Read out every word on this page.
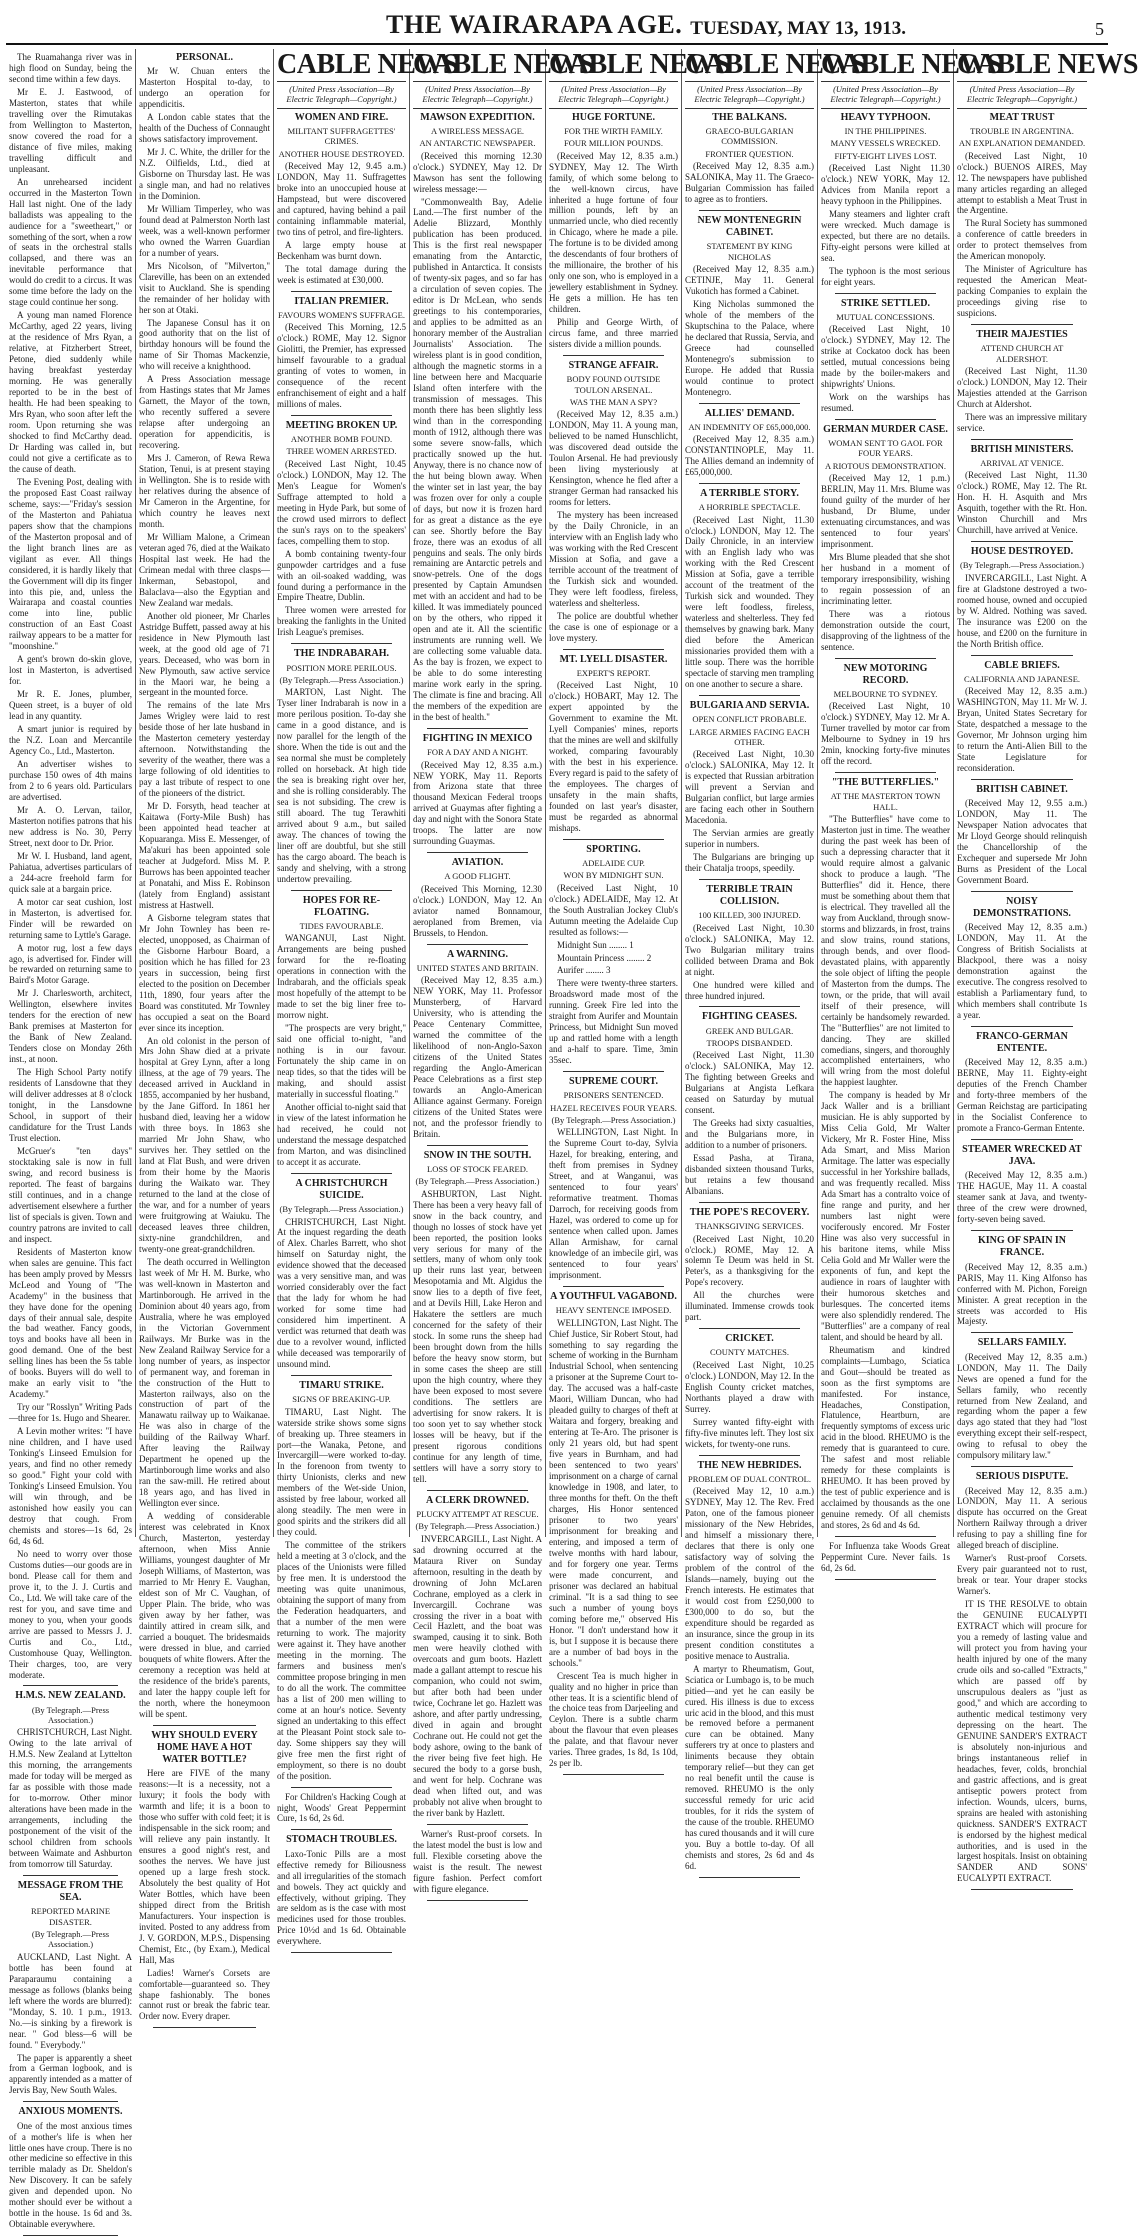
THE WAIRARAPA AGE. TUESDAY, MAY 13, 1913.	5

The Ruamahanga river was in high flood on Sunday, being the second time within a few days.

Mr E. J. Eastwood, of Masterton, states that while travelling over the Rimutakas from Wellington to Masterton, snow covered the road for a distance of five miles, making travelling difficult and unpleasant.

An unrehearsed incident occurred in the Masterton Town Hall last night. One of the lady balladists was appealing to the audience for a "sweetheart," or something of the sort, when a row of seats in the orchestral stalls collapsed, and there was an inevitable performance that would do credit to a circus. It was some time before the lady on the stage could continue her song.

A young man named Florence McCarthy, aged 22 years, living at the residence of Mrs Ryan, a relative, at Fitzherbert Street, Petone, died suddenly while having breakfast yesterday morning. He was generally reported to be in the best of health. He had been speaking to Mrs Ryan, who soon after left the room. Upon returning she was shocked to find McCarthy dead. Dr Harding was called in, but could not give a certificate as to the cause of death.

The Evening Post, dealing with the proposed East Coast railway scheme, says:—"Friday's session of the Masterton and Pahiatua papers show that the champions of the Masterton proposal and of the light branch lines are as vigilant as ever. All things considered, it is hardly likely that the Government will dip its finger into this pie, and, unless the Wairarapa and coastal counties come into line, public construction of an East Coast railway appears to be a matter for "moonshine."

A gent's brown do-skin glove, lost in Masterton, is advertised for.

Mr R. E. Jones, plumber, Queen street, is a buyer of old lead in any quantity.

A smart junior is required by the N.Z. Loan and Mercantile Agency Co., Ltd., Masterton.

An advertiser wishes to purchase 150 owes of 4th mains from 2 to 6 years old. Particulars are advertised.

Mr A. O. Lervan, tailor, Masterton notifies patrons that his new address is No. 30, Perry Street, next door to Dr. Prior.

Mr W. I. Husband, land agent, Pahiatua, advertises particulars of a 244-acre freehold farm for quick sale at a bargain price.

A motor car seat cushion, lost in Masterton, is advertised for. Finder will be rewarded on returning same to Lyttle's Garage.

A motor rug, lost a few days ago, is advertised for. Finder will be rewarded on returning same to Baird's Motor Garage.

Mr J. Charlesworth, architect, Wellington, elsewhere invites tenders for the erection of new Bank premises at Masterton for the Bank of New Zealand. Tenders close on Monday 26th inst., at noon.

The High School Party notify residents of Lansdowne that they will deliver addresses at 8 o'clock tonight, in the Lansdowne School, in support of their candidature for the Trust Lands Trust election.

McGruer's "ten days" stocktaking sale is now in full swing, and record business is reported. The feast of bargains still continues, and in a change advertisement elsewhere a further list of specials is given. Town and country patrons are invited to call and inspect.

Residents of Masterton know when sales are genuine. This fact has been amply proved by Messrs McLeod and Young of "The Academy" in the business that they have done for the opening days of their annual sale, despite the bad weather. Fancy goods, toys and books have all been in good demand. One of the best selling lines has been the 5s table of books. Buyers will do well to make an early visit to "the Academy."

Try our "Rosslyn" Writing Pads—three for 1s. Hugo and Shearer.

A Levin mother writes: "I have nine children, and I have used Tonking's Linseed Emulsion for years, and find no other remedy so good." Fight your cold with Tonking's Linseed Emulsion. You will win through, and be astonished how easily you can destroy that cough. From chemists and stores—1s 6d, 2s 6d, 4s 6d.

No need to worry over those Customs duties—our goods are in bond. Please call for them and prove it, to the J. J. Curtis and Co., Ltd. We will take care of the rest for you, and save time and money to you, when your goods arrive are passed to Messrs J. J. Curtis and Co., Ltd., Customhouse Quay, Wellington. Their charges, too, are very moderate.

H.M.S. NEW ZEALAND.
(By Telegraph.—Press Association.)

CHRISTCHURCH, Last Night. Owing to the late arrival of H.M.S. New Zealand at Lyttelton this morning, the arrangements made for today will be merged as far as possible with those made for to-morrow. Other minor alterations have been made in the arrangements, including the postponement of the visit of the school children from schools between Waimate and Ashburton from tomorrow till Saturday.

MESSAGE FROM THE SEA.
REPORTED MARINE DISASTER.
(By Telegraph.—Press Association.)

AUCKLAND, Last Night. A bottle has been found at Paraparaumu containing a message as follows (blanks being left where the words are blurred): "Monday, S. 10. 1 p.m., 1913. No.—is sinking by a firework is near. " God bless—6 will be found. " Everybody."

The paper is apparently a sheet from a German logbook, and is apparently intended as a matter of Jervis Bay, New South Wales.

ANXIOUS MOMENTS.

One of the most anxious times of a mother's life is when her little ones have croup. There is no other medicine so effective in this terrible malady as Dr. Sheldon's New Discovery. It can be safely given and depended upon. No mother should ever be without a bottle in the house. 1s 6d and 3s. Obtainable everywhere.

PERSONAL.

Mr W. Chuan enters the Masterton Hospital to-day, to undergo an operation for appendicitis.

A London cable states that the health of the Duchess of Connaught shows satisfactory improvement.

Mr J. C. White, the driller for the N.Z. Oilfields, Ltd., died at Gisborne on Thursday last. He was a single man, and had no relatives in the Dominion.

Mr William Timperley, who was found dead at Palmerston North last week, was a well-known performer who owned the Warren Guardian for a number of years.

Mrs Nicolson, of "Milverton," Clareville, has been on an extended visit to Auckland. She is spending the remainder of her holiday with her son at Otaki.

The Japanese Consul has it on good authority that on the list of birthday honours will be found the name of Sir Thomas Mackenzie, who will receive a knighthood.

A Press Association message from Hastings states that Mr James Garnett, the Mayor of the town, who recently suffered a severe relapse after undergoing an operation for appendicitis, is recovering.

Mrs J. Cameron, of Rewa Rewa Station, Tenui, is at present staying in Wellington. She is to reside with her relatives during the absence of Mr Cameron in the Argentine, for which country he leaves next month.

Mr William Malone, a Crimean veteran aged 76, died at the Waikato Hospital last week. He had the Crimean medal with three clasps—Inkerman, Sebastopol, and Balaclava—also the Egyptian and New Zealand war medals.

Another old pioneer, Mr Charles Astridge Buffett, passed away at his residence in New Plymouth last week, at the good old age of 71 years. Deceased, who was born in New Plymouth, saw active service in the Maori war, he being a sergeant in the mounted force.

The remains of the late Mrs James Wrigley were laid to rest beside those of her late husband in the Masterton cemetery yesterday afternoon. Notwithstanding the severity of the weather, there was a large following of old identities to pay a last tribute of respect to one of the pioneers of the district.

Mr D. Forsyth, head teacher at Kaitawa (Forty-Mile Bush) has been appointed head teacher at Kopuaranga. Miss E. Messenger, of Ma'akuri has been appointed sole teacher at Judgeford. Miss M. P. Burrows has been appointed teacher at Ponatahi, and Miss E. Robinson (lately from England) assistant mistress at Hastwell.

A Gisborne telegram states that Mr John Townley has been re-elected, unopposed, as Chairman of the Gisborne Harbour Board, a position which he has filled for 23 years in succession, being first elected to the position on December 11th, 1890, four years after the Board was constituted. Mr Townley has occupied a seat on the Board ever since its inception.

An old colonist in the person of Mrs John Shaw died at a private hospital at Grey Lynn, after a long illness, at the age of 79 years. The deceased arrived in Auckland in 1855, accompanied by her husband, by the Jane Gifford. In 1861 her husband died, leaving her a widow with three boys. In 1863 she married Mr John Shaw, who survives her. They settled on the land at Flat Bush, and were driven from their home by the Maoris during the Waikato war. They returned to the land at the close of the war, and for a number of years were fruitgrowing at Waiuku. The deceased leaves three children, sixty-nine grandchildren, and twenty-one great-grandchildren.

The death occurred in Wellington last week of Mr H. M. Burke, who was well-known in Masterton and Martinborough. He arrived in the Dominion about 40 years ago, from Australia, where he was employed in the Victorian Government Railways. Mr Burke was in the New Zealand Railway Service for a long number of years, as inspector of permanent way, and foreman in the construction of the Hutt to Masterton railways, also on the construction of part of the Manawatu railway up to Waikanae. He was also in charge of the building of the Railway Wharf. After leaving the Railway Department he opened up the Martinborough lime works and also ran the saw-mill. He retired about 18 years ago, and has lived in Wellington ever since.

A wedding of considerable interest was celebrated in Knox Church, Masterton, yesterday afternoon, when Miss Annie Williams, youngest daughter of Mr Joseph Williams, of Masterton, was married to Mr Henry E. Vaughan, eldest son of Mr C. Vaughan, of Upper Plain. The bride, who was given away by her father, was daintily attired in cream silk, and carried a bouquet. The bridesmaids were dressed in blue, and carried bouquets of white flowers. After the ceremony a reception was held at the residence of the bride's parents, and later the happy couple left for the north, where the honeymoon will be spent.

WHY SHOULD EVERY HOME HAVE A HOT WATER BOTTLE?

Here are FIVE of the many reasons:—It is a necessity, not a luxury; it fools the body with warmth and life; it is a boon to those who suffer with cold feet; it is indispensable in the sick room; and will relieve any pain instantly. It ensures a good night's rest, and soothes the nerves. We have just opened up a large fresh stock. Absolutely the best quality of Hot Water Bottles, which have been shipped direct from the British Manufacturers. Your inspection is invited. Posted to any address from J. V. GORDON, M.P.S., Dispensing Chemist, Etc., (by Exam.), Medical Hall, Mas

Ladies! Warner's Corsets are comfortable—guaranteed so. They shape fashionably. The bones cannot rust or break the fabric tear. Order now. Every draper.

CABLE NEWS
(United Press Association—By Electric Telegraph—Copyright.)
WOMEN AND FIRE.
MILITANT SUFFRAGETTES' CRIMES.
ANOTHER HOUSE DESTROYED.

(Received May 12, 9.45 a.m.) LONDON, May 11. Suffragettes broke into an unoccupied house at Hampstead, but were discovered and captured, having behind a pail containing inflammable material, two tins of petrol, and fire-lighters.

A large empty house at Beckenham was burnt down.

The total damage during the week is estimated at £30,000.

ITALIAN PREMIER.
FAVOURS WOMEN'S SUFFRAGE.

(Received This Morning, 12.5 o'clock.) ROME, May 12. Signor Giolitti, the Premier, has expressed himself favourable to a gradual granting of votes to women, in consequence of the recent enfranchisement of eight and a half millions of males.

MEETING BROKEN UP.
ANOTHER BOMB FOUND.
THREE WOMEN ARRESTED.

(Received Last Night, 10.45 o'clock.) LONDON, May 12. The Men's League for Women's Suffrage attempted to hold a meeting in Hyde Park, but some of the crowd used mirrors to deflect the sun's rays on to the speakers' faces, compelling them to stop.

A bomb containing twenty-four gunpowder cartridges and a fuse with an oil-soaked wadding, was found during a performance in the Empire Theatre, Dublin.

Three women were arrested for breaking the fanlights in the United Irish League's premises.

THE INDRABARAH.
POSITION MORE PERILOUS.
(By Telegraph.—Press Association.)

MARTON, Last Night. The Tyser liner Indrabarah is now in a more perilous position. To-day she came in a good distance, and is now parallel for the length of the shore. When the tide is out and the sea normal she must be completely rolled on horseback. At high tide the sea is breaking right over her, and she is rolling considerably. The sea is not subsiding. The crew is still aboard. The tug Terawhiti arrived about 9 a.m., but sailed away. The chances of towing the liner off are doubtful, but she still has the cargo aboard. The beach is sandy and shelving, with a strong undertow prevailing.

HOPES FOR RE-FLOATING.
TIDES FAVOURABLE.

WANGANUI, Last Night. Arrangements are being pushed forward for the re-floating operations in connection with the Indrabarah, and the officials speak most hopefully of the attempt to be made to set the big liner free to-morrow night.

"The prospects are very bright," said one official to-night, "and nothing is in our favour. Fortunately the ship came in on neap tides, so that the tides will be making, and should assist materially in successful floating."

Another official to-night said that in view of the latest information he had received, he could not understand the message despatched from Marton, and was disinclined to accept it as accurate.

A CHRISTCHURCH SUICIDE.
(By Telegraph.—Press Association.)

CHRISTCHURCH, Last Night. At the inquest regarding the death of Alex. Charles Barrett, who shot himself on Saturday night, the evidence showed that the deceased was a very sensitive man, and was worried considerably over the fact that the lady for whom he had worked for some time had considered him impertinent. A verdict was returned that death was due to a revolver wound, inflicted while deceased was temporarily of unsound mind.

TIMARU STRIKE.
SIGNS OF BREAKING-UP.

TIMARU, Last Night. The waterside strike shows some signs of breaking up. Three steamers in port—the Wanaka, Petone, and Invercargill—were worked to-day. In the forenoon from twenty to thirty Unionists, clerks and new members of the Wet-side Union, assisted by free labour, worked all along steadily. The men were in good spirits and the strikers did all they could.

The committee of the strikers held a meeting at 3 o'clock, and the places of the Unionists were filled by free men. It is understood the meeting was quite unanimous, obtaining the support of many from the Federation headquarters, and that a number of the men were returning to work. The majority were against it. They have another meeting in the morning. The farmers and business men's committee propose bringing in men to do all the work. The committee has a list of 200 men willing to come at an hour's notice. Seventy signed an undertaking to this effect at the Pleasant Point stock sale to-day. Some shippers say they will give free men the first right of employment, so there is no doubt of the position.

For Children's Hacking Cough at night, Woods' Great Peppermint Cure, 1s 6d, 2s 6d.

STOMACH TROUBLES.

Laxo-Tonic Pills are a most effective remedy for Biliousness and all irregularities of the stomach and bowels. They act quickly and effectively, without griping. They are seldom as is the case with most medicines used for those troubles. Price 10½d and 1s 6d. Obtainable everywhere.

CABLE NEWS
(United Press Association—By Electric Telegraph—Copyright.)
MAWSON EXPEDITION.
A WIRELESS MESSAGE.
AN ANTARCTIC NEWSPAPER.

(Received this morning 12.30 o'clock.) SYDNEY, May 12. Dr Mawson has sent the following wireless message:—

"Commonwealth Bay, Adelie Land.—The first number of the Adelie Blizzard, Monthly publication has been produced. This is the first real newspaper emanating from the Antarctic, published in Antarctica. It consists of twenty-six pages, and so far has a circulation of seven copies. The editor is Dr McLean, who sends greetings to his contemporaries, and applies to be admitted as an honorary member of the Australian Journalists' Association. The wireless plant is in good condition, although the magnetic storms in a line between here and Macquarie Island often interfere with the transmission of messages. This month there has been slightly less wind than in the corresponding month of 1912, although there was some severe snow-falls, which practically snowed up the hut. Anyway, there is no chance now of the hut being blown away. When the winter set in last year, the bay was frozen over for only a couple of days, but now it is frozen hard for as great a distance as the eye can see. Shortly before the Bay froze, there was an exodus of all penguins and seals. The only birds remaining are Antarctic petrels and snow-petrels. One of the dogs presented by Captain Amundsen met with an accident and had to be killed. It was immediately pounced on by the others, who ripped it open and ate it. All the scientific instruments are running well. We are collecting some valuable data. As the bay is frozen, we expect to be able to do some interesting marine work early in the spring. The climate is fine and bracing. All the members of the expedition are in the best of health."

FIGHTING IN MEXICO
FOR A DAY AND A NIGHT.

(Received May 12, 8.35 a.m.) NEW YORK, May 11. Reports from Arizona state that three thousand Mexican Federal troops arrived at Guaymas after fighting a day and night with the Sonora State troops. The latter are now surrounding Guaymas.

AVIATION.
A GOOD FLIGHT.

(Received This Morning, 12.30 o'clock.) LONDON, May 12. An aviator named Bonnamour, aeroplaned from Bremen, via Brussels, to Hendon.

A WARNING.
UNITED STATES AND BRITAIN.

(Received May 12, 8.35 a.m.) NEW YORK, May 11. Professor Munsterberg, of Harvard University, who is attending the Peace Centenary Committee, warned the committee of the likelihood of non-Anglo-Saxon citizens of the United States regarding the Anglo-American Peace Celebrations as a first step towards an Anglo-American Alliance against Germany. Foreign citizens of the United States were not, and the professor friendly to Britain.

SNOW IN THE SOUTH.
LOSS OF STOCK FEARED.
(By Telegraph.—Press Association.)

ASHBURTON, Last Night. There has been a very heavy fall of snow in the back country, and though no losses of stock have yet been reported, the position looks very serious for many of the settlers, many of whom only took up their runs last year, between Mesopotamia and Mt. Algidus the snow lies to a depth of five feet, and at Devils Hill, Lake Heron and Hakatere the settlers are much concerned for the safety of their stock. In some runs the sheep had been brought down from the hills before the heavy snow storm, but in some cases the sheep are still upon the high country, where they have been exposed to most severe conditions. The settlers are advertising for snow rakers. It is too soon yet to say whether stock losses will be heavy, but if the present rigorous conditions continue for any length of time, settlers will have a sorry story to tell.

A CLERK DROWNED.
PLUCKY ATTEMPT AT RESCUE.
(By Telegraph.—Press Association.)

INVERCARGILL, Last Night. A sad drowning occurred at the Mataura River on Sunday afternoon, resulting in the death by drowning of John McLaren Cochrane, employed as a clerk in Invercargill. Cochrane was crossing the river in a boat with Cecil Hazlett, and the boat was swamped, causing it to sink. Both men were heavily clothed with overcoats and gum boots. Hazlett made a gallant attempt to rescue his companion, who could not swim, but after both had been under twice, Cochrane let go. Hazlett was ashore, and after partly undressing, dived in again and brought Cochrane out. He could not get the body ashore, owing to the bank of the river being five feet high. He secured the body to a gorse bush, and went for help. Cochrane was dead when lifted out, and was probably not alive when brought to the river bank by Hazlett.

Warner's Rust-proof corsets. In the latest model the bust is low and full. Flexible corseting above the waist is the result. The newest figure fashion. Perfect comfort with figure elegance.

CABLE NEWS
(United Press Association—By Electric Telegraph—Copyright.)
HUGE FORTUNE.
FOR THE WIRTH FAMILY.
FOUR MILLION POUNDS.

(Received May 12, 8.35 a.m.) SYDNEY, May 12. The Wirth family, of which some belong to the well-known circus, have inherited a huge fortune of four million pounds, left by an unmarried uncle, who died recently in Chicago, where he made a pile. The fortune is to be divided among the descendants of four brothers of the millionaire, the brother of his only one son, who is employed in a jewellery establishment in Sydney. He gets a million. He has ten children.

Philip and George Wirth, of circus fame, and three married sisters divide a million pounds.

STRANGE AFFAIR.
BODY FOUND OUTSIDE TOULON ARSENAL.
WAS THE MAN A SPY?

(Received May 12, 8.35 a.m.) LONDON, May 11. A young man, believed to be named Hunschlicht, was discovered dead outside the Toulon Arsenal. He had previously been living mysteriously at Kensington, whence he fled after a stranger German had ransacked his rooms for letters.

The mystery has been increased by the Daily Chronicle, in an interview with an English lady who was working with the Red Crescent Mission at Sofia, and gave a terrible account of the treatment of the Turkish sick and wounded. They were left foodless, fireless, waterless and shelterless.

The police are doubtful whether the case is one of espionage or a love mystery.

MT. LYELL DISASTER.
EXPERT'S REPORT.

(Received Last Night, 10 o'clock.) HOBART, May 12. The expert appointed by the Government to examine the Mt. Lyell Companies' mines, reports that the mines are well and skilfully worked, comparing favourably with the best in his experience. Every regard is paid to the safety of the employees. The charges of unsafety in the main shafts, founded on last year's disaster, must be regarded as abnormal mishaps.

SPORTING.
ADELAIDE CUP.
WON BY MIDNIGHT SUN.

(Received Last Night, 10 o'clock.) ADELAIDE, May 12. At the South Australian Jockey Club's Autumn meeting the Adelaide Cup resulted as follows:—

Midnight Sun ........ 1

Mountain Princess ........ 2

Aurifer ........ 3

There were twenty-three starters. Broadsword made most of the running. Greek Fire led into the straight from Aurifer and Mountain Princess, but Midnight Sun moved up and rattled home with a length and a-half to spare. Time, 3min 35sec.

SUPREME COURT.
PRISONERS SENTENCED.
HAZEL RECEIVES FOUR YEARS.
(By Telegraph.—Press Association.)

WELLINGTON, Last Night. In the Supreme Court to-day, Sylvia Hazel, for breaking, entering, and theft from premises in Sydney Street, and at Wanganui, was sentenced to four years' reformative treatment. Thomas Darroch, for receiving goods from Hazel, was ordered to come up for sentence when called upon. James Allan Armishaw, for carnal knowledge of an imbecile girl, was sentenced to four years' imprisonment.

A YOUTHFUL VAGABOND.
HEAVY SENTENCE IMPOSED.

WELLINGTON, Last Night. The Chief Justice, Sir Robert Stout, had something to say regarding the scheme of working in the Burnham Industrial School, when sentencing a prisoner at the Supreme Court to-day. The accused was a half-caste Maori, William Duncan, who had pleaded guilty to charges of theft at Waitara and forgery, breaking and entering at Te-Aro. The prisoner is only 21 years old, but had spent five years in Burnham, and had been sentenced to two years' imprisonment on a charge of carnal knowledge in 1908, and later, to three months for theft. On the theft charges, His Honor sentenced prisoner to two years' imprisonment for breaking and entering, and imposed a term of twelve months with hard labour, and for forgery one year. Terms were made concurrent, and prisoner was declared an habitual criminal. "It is a sad thing to see such a number of young boys coming before me," observed His Honor. "I don't understand how it is, but I suppose it is because there are a number of bad boys in the schools."

Crescent Tea is much higher in quality and no higher in price than other teas. It is a scientific blend of the choice teas from Darjeeling and Ceylon. There is a subtle charm about the flavour that even pleases the palate, and that flavour never varies. Three grades, 1s 8d, 1s 10d, 2s per lb.

CABLE NEWS
(United Press Association—By Electric Telegraph—Copyright.)
THE BALKANS.
GRAECO-BULGARIAN COMMISSION.
FRONTIER QUESTION.

(Received May 12, 8.35 a.m.) SALONIKA, May 11. The Graeco-Bulgarian Commission has failed to agree as to frontiers.

NEW MONTENEGRIN CABINET.
STATEMENT BY KING NICHOLAS

(Received May 12, 8.35 a.m.) CETINJE, May 11. General Vukotich has formed a Cabinet.

King Nicholas summoned the whole of the members of the Skuptschina to the Palace, where he declared that Russia, Servia, and Greece had counselled Montenegro's submission to Europe. He added that Russia would continue to protect Montenegro.

ALLIES' DEMAND.
AN INDEMNITY OF £65,000,000.

(Received May 12, 8.35 a.m.) CONSTANTINOPLE, May 11. The Allies demand an indemnity of £65,000,000.

A TERRIBLE STORY.
A HORRIBLE SPECTACLE.

(Received Last Night, 11.30 o'clock.) LONDON, May 12. The Daily Chronicle, in an interview with an English lady who was working with the Red Crescent Mission at Sofia, gave a terrible account of the treatment of the Turkish sick and wounded. They were left foodless, fireless, waterless and shelterless. They fed themselves by gnawing bark. Many died before the American missionaries provided them with a little soup. There was the horrible spectacle of starving men trampling on one another to secure a share.

BULGARIA AND SERVIA.
OPEN CONFLICT PROBABLE.
LARGE ARMIES FACING EACH OTHER.

(Received Last Night, 10.30 o'clock.) SALONIKA, May 12. It is expected that Russian arbitration will prevent a Servian and Bulgarian conflict, but large armies are facing each other in Southern Macedonia.

The Servian armies are greatly superior in numbers.

The Bulgarians are bringing up their Chatalja troops, speedily.

TERRIBLE TRAIN COLLISION.
100 KILLED, 300 INJURED.

(Received Last Night, 10.30 o'clock.) SALONIKA, May 12. Two Bulgarian military trains collided between Drama and Bok at night.

One hundred were killed and three hundred injured.

FIGHTING CEASES.
GREEK AND BULGAR.
TROOPS DISBANDED.

(Received Last Night, 11.30 o'clock.) SALONIKA, May 12. The fighting between Greeks and Bulgarians at Angista Lefkara ceased on Saturday by mutual consent.

The Greeks had sixty casualties, and the Bulgarians more, in addition to a number of prisoners.

Essad Pasha, at Tirana, disbanded sixteen thousand Turks, but retains a few thousand Albanians.

THE POPE'S RECOVERY.
THANKSGIVING SERVICES.

(Received Last Night, 10.20 o'clock.) ROME, May 12. A solemn Te Deum was held in St. Peter's, as a thanksgiving for the Pope's recovery.

All the churches were illuminated. Immense crowds took part.

CRICKET.
COUNTY MATCHES.

(Received Last Night, 10.25 o'clock.) LONDON, May 12. In the English County cricket matches, Northants played a draw with Surrey.

Surrey wanted fifty-eight with fifty-five minutes left. They lost six wickets, for twenty-one runs.

THE NEW HEBRIDES.
PROBLEM OF DUAL CONTROL.

(Received May 12, 10 a.m.) SYDNEY, May 12. The Rev. Fred Paton, one of the famous pioneer missionary of the New Hebrides, and himself a missionary there, declares that there is only one satisfactory way of solving the problem of the control of the Islands—namely, buying out the French interests. He estimates that it would cost from £250,000 to £300,000 to do so, but the expenditure should be regarded as an insurance, since the group in its present condition constitutes a positive menace to Australia.

A martyr to Rheumatism, Gout, Sciatica or Lumbago is, to be much pitied—and yet he can easily be cured. His illness is due to excess uric acid in the blood, and this must be removed before a permanent cure can be obtained. Many sufferers try at once to plasters and liniments because they obtain temporary relief—but they can get no real benefit until the cause is removed. RHEUMO is the only successful remedy for uric acid troubles, for it rids the system of the cause of the trouble. RHEUMO has cured thousands and it will cure you. Buy a bottle to-day. Of all chemists and stores, 2s 6d and 4s 6d.

CABLE NEWS
(United Press Association—By Electric Telegraph—Copyright.)
HEAVY TYPHOON.
IN THE PHILIPPINES.
MANY VESSELS WRECKED.
FIFTY-EIGHT LIVES LOST.

(Received Last Night 11.30 o'clock.) NEW YORK, May 12. Advices from Manila report a heavy typhoon in the Philippines.

Many steamers and lighter craft were wrecked. Much damage is expected, but there are no details. Fifty-eight persons were killed at sea.

The typhoon is the most serious for eight years.

STRIKE SETTLED.
MUTUAL CONCESSIONS.

(Received Last Night, 10 o'clock.) SYDNEY, May 12. The strike at Cockatoo dock has been settled, mutual concessions being made by the boiler-makers and shipwrights' Unions.

Work on the warships has resumed.

GERMAN MURDER CASE.
WOMAN SENT TO GAOL FOR FOUR YEARS.
A RIOTOUS DEMONSTRATION.

(Received May 12, 1 p.m.) BERLIN, May 11. Mrs. Blume was found guilty of the murder of her husband, Dr Blume, under extenuating circumstances, and was sentenced to four years' imprisonment.

Mrs Blume pleaded that she shot her husband in a moment of temporary irresponsibility, wishing to regain possession of an incriminating letter.

There was a riotous demonstration outside the court, disapproving of the lightness of the sentence.

NEW MOTORING RECORD.
MELBOURNE TO SYDNEY.

(Received Last Night, 10 o'clock.) SYDNEY, May 12. Mr A. Turner travelled by motor car from Melbourne to Sydney in 19 hrs 2min, knocking forty-five minutes off the record.

"THE BUTTERFLIES."
AT THE MASTERTON TOWN HALL.

"The Butterflies" have come to Masterton just in time. The weather during the past week has been of such a depressing character that it would require almost a galvanic shock to produce a laugh. "The Butterflies" did it. Hence, there must be something about them that is electrical. They travelled all the way from Auckland, through snow-storms and blizzards, in frost, trains and slow trains, round stations, through bends, and over flood-devastated plains, with apparently the sole object of lifting the people of Masterton from the dumps. The town, or the pride, that will avail itself of their presence, will certainly be handsomely rewarded. The "Butterflies" are not limited to dancing. They are skilled comedians, singers, and thoroughly accomplished entertainers, who will wring from the most doleful the happiest laughter.

The company is headed by Mr Jack Waller and is a brilliant musician. He is ably supported by Miss Celia Gold, Mr Walter Vickery, Mr R. Foster Hine, Miss Ada Smart, and Miss Marion Armitage. The latter was especially successful in her Yorkshire ballads, and was frequently recalled. Miss Ada Smart has a contralto voice of fine range and purity, and her numbers last night were vociferously encored. Mr Foster Hine was also very successful in his baritone items, while Miss Celia Gold and Mr Waller were the exponents of fun, and kept the audience in roars of laughter with their humorous sketches and burlesques. The concerted items were also splendidly rendered. The "Butterflies" are a company of real talent, and should be heard by all.

Rheumatism and kindred complaints—Lumbago, Sciatica and Gout—should be treated as soon as the first symptoms are manifested. For instance, Headaches, Constipation, Flatulence, Heartburn, are frequently symptoms of excess uric acid in the blood. RHEUMO is the remedy that is guaranteed to cure. The safest and most reliable remedy for these complaints is RHEUMO. It has been proved by the test of public experience and is acclaimed by thousands as the one genuine remedy. Of all chemists and stores, 2s 6d and 4s 6d.

For Influenza take Woods Great Peppermint Cure. Never fails. 1s 6d, 2s 6d.

CABLE NEWS
(United Press Association—By Electric Telegraph—Copyright.)
MEAT TRUST
TROUBLE IN ARGENTINA.
AN EXPLANATION DEMANDED.

(Received Last Night, 10 o'clock.) BUENOS AIRES, May 12. The newspapers have published many articles regarding an alleged attempt to establish a Meat Trust in the Argentine.

The Rural Society has summoned a conference of cattle breeders in order to protect themselves from the American monopoly.

The Minister of Agriculture has requested the American Meat-packing Companies to explain the proceedings giving rise to suspicions.

THEIR MAJESTIES
ATTEND CHURCH AT ALDERSHOT.

(Received Last Night, 11.30 o'clock.) LONDON, May 12. Their Majesties attended at the Garrison Church at Aldershot.

There was an impressive military service.

BRITISH MINISTERS.
ARRIVAL AT VENICE.

(Received Last Night, 11.30 o'clock.) ROME, May 12. The Rt. Hon. H. H. Asquith and Mrs Asquith, together with the Rt. Hon. Winston Churchill and Mrs Churchill, have arrived at Venice.

HOUSE DESTROYED.
(By Telegraph.—Press Association.)

INVERCARGILL, Last Night. A fire at Gladstone destroyed a two-roomed house, owned and occupied by W. Aldred. Nothing was saved. The insurance was £200 on the house, and £200 on the furniture in the North British office.

CABLE BRIEFS.
CALIFORNIA AND JAPANESE.

(Received May 12, 8.35 a.m.) WASHINGTON, May 11. Mr W. J. Bryan, United States Secretary for State, despatched a message to the Governor, Mr Johnson urging him to return the Anti-Alien Bill to the State Legislature for reconsideration.

BRITISH CABINET.

(Received May 12, 9.55 a.m.) LONDON, May 11. The Newspaper Nation advocates that Mr Lloyd George should relinquish the Chancellorship of the Exchequer and supersede Mr John Burns as President of the Local Government Board.

NOISY DEMONSTRATIONS.

(Received May 12, 8.35 a.m.) LONDON, May 11. At the Congress of British Socialists at Blackpool, there was a noisy demonstration against the executive. The congress resolved to establish a Parliamentary fund, to which members shall contribute 1s a year.

FRANCO-GERMAN ENTENTE.

(Received May 12, 8.35 a.m.) BERNE, May 11. Eighty-eight deputies of the French Chamber and forty-three members of the German Reichstag are participating in the Socialist Conference to promote a Franco-German Entente.

STEAMER WRECKED AT JAVA.

(Received May 12, 8.35 a.m.) THE HAGUE, May 11. A coastal steamer sank at Java, and twenty-three of the crew were drowned, forty-seven being saved.

KING OF SPAIN IN FRANCE.

(Received May 12, 8.35 a.m.) PARIS, May 11. King Alfonso has conferred with M. Pichon, Foreign Minister. A great reception in the streets was accorded to His Majesty.

SELLARS FAMILY.

(Received May 12, 8.35 a.m.) LONDON, May 11. The Daily News are opened a fund for the Sellars family, who recently returned from New Zealand, and regarding whom the paper a few days ago stated that they had "lost everything except their self-respect, owing to refusal to obey the compulsory military law."

SERIOUS DISPUTE.

(Received May 12, 8.35 a.m.) LONDON, May 11. A serious dispute has occurred on the Great Northern Railway through a driver refusing to pay a shilling fine for alleged breach of discipline.

Warner's Rust-proof Corsets. Every pair guaranteed not to rust, break or tear. Your draper stocks Warner's.

IT IS THE RESOLVE to obtain the GENUINE EUCALYPTI EXTRACT which will procure for you a remedy of lasting value and will protect you from having your health injured by one of the many crude oils and so-called "Extracts," which are passed off by unscrupulous dealers as "just as good," and which are according to authentic medical testimony very depressing on the heart. The GENUINE SANDER'S EXTRACT is absolutely non-injurious and brings instantaneous relief in headaches, fever, colds, bronchial and gastric affections, and is great antiseptic powers protect from infection. Wounds, ulcers, burns, sprains are healed with astonishing quickness. SANDER'S EXTRACT is endorsed by the highest medical authorities, and is used in the largest hospitals. Insist on obtaining SANDER AND SONS' EUCALYPTI EXTRACT.
